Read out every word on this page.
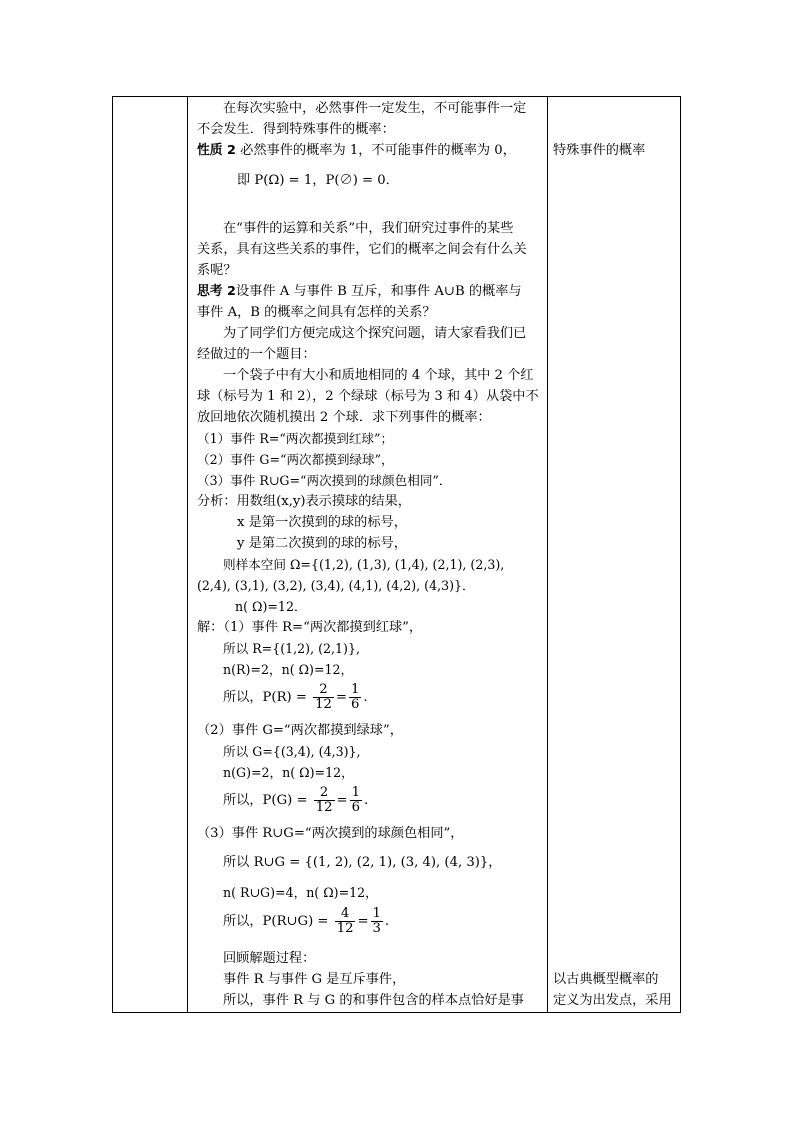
在每次实验中，必然事件一定发生，不可能事件一定
不会发生．得到特殊事件的概率：
性质 2 必然事件的概率为 1，不可能事件的概率为 0，
即 P(Ω) = 1，P(∅) = 0．
在“事件的运算和关系”中，我们研究过事件的某些
关系，具有这些关系的事件，它们的概率之间会有什么关
系呢？
思考 2设事件 A 与事件 B 互斥，和事件 A∪B 的概率与
事件 A，B 的概率之间具有怎样的关系？
为了同学们方便完成这个探究问题，请大家看我们已
经做过的一个题目：
一个袋子中有大小和质地相同的 4 个球，其中 2 个红
球（标号为 1 和 2），2 个绿球（标号为 3 和 4）从袋中不
放回地依次随机摸出 2 个球．求下列事件的概率：
（1）事件 R=“两次都摸到红球”；
（2）事件 G=“两次都摸到绿球”，
（3）事件 R∪G=“两次摸到的球颜色相同”．
分析：用数组(x,y)表示摸球的结果，
x 是第一次摸到的球的标号，
y 是第二次摸到的球的标号，
则样本空间 Ω={(1,2), (1,3), (1,4), (2,1), (2,3),
(2,4), (3,1), (3,2), (3,4), (4,1), (4,2), (4,3)}．
n( Ω)=12．
解：（1）事件 R=“两次都摸到红球”，
所以 R={(1,2), (2,1)},
n(R)=2，n( Ω)=12，
所以，$P(R) = \frac{2}{12} = \frac{1}{6}$ .
（2）事件 G=“两次都摸到绿球”，
所以 G={(3,4), (4,3)},
n(G)=2，n( Ω)=12，
所以，$P(G) = \frac{2}{12} = \frac{1}{6}$ .
（3）事件 R∪G=“两次摸到的球颜色相同”，
所以 R∪G = {(1, 2), (2, 1), (3, 4), (4, 3)}，
n( R∪G)=4，n( Ω)=12，
所以，P(R∪G) = $\frac{4}{12} = \frac{1}{3}$ .
回顾解题过程：
事件 R 与事件 G 是互斥事件，
所以，事件 R 与 G 的和事件包含的样本点恰好是事
特殊事件的概率
以古典概型概率的
定义为出发点，采用
